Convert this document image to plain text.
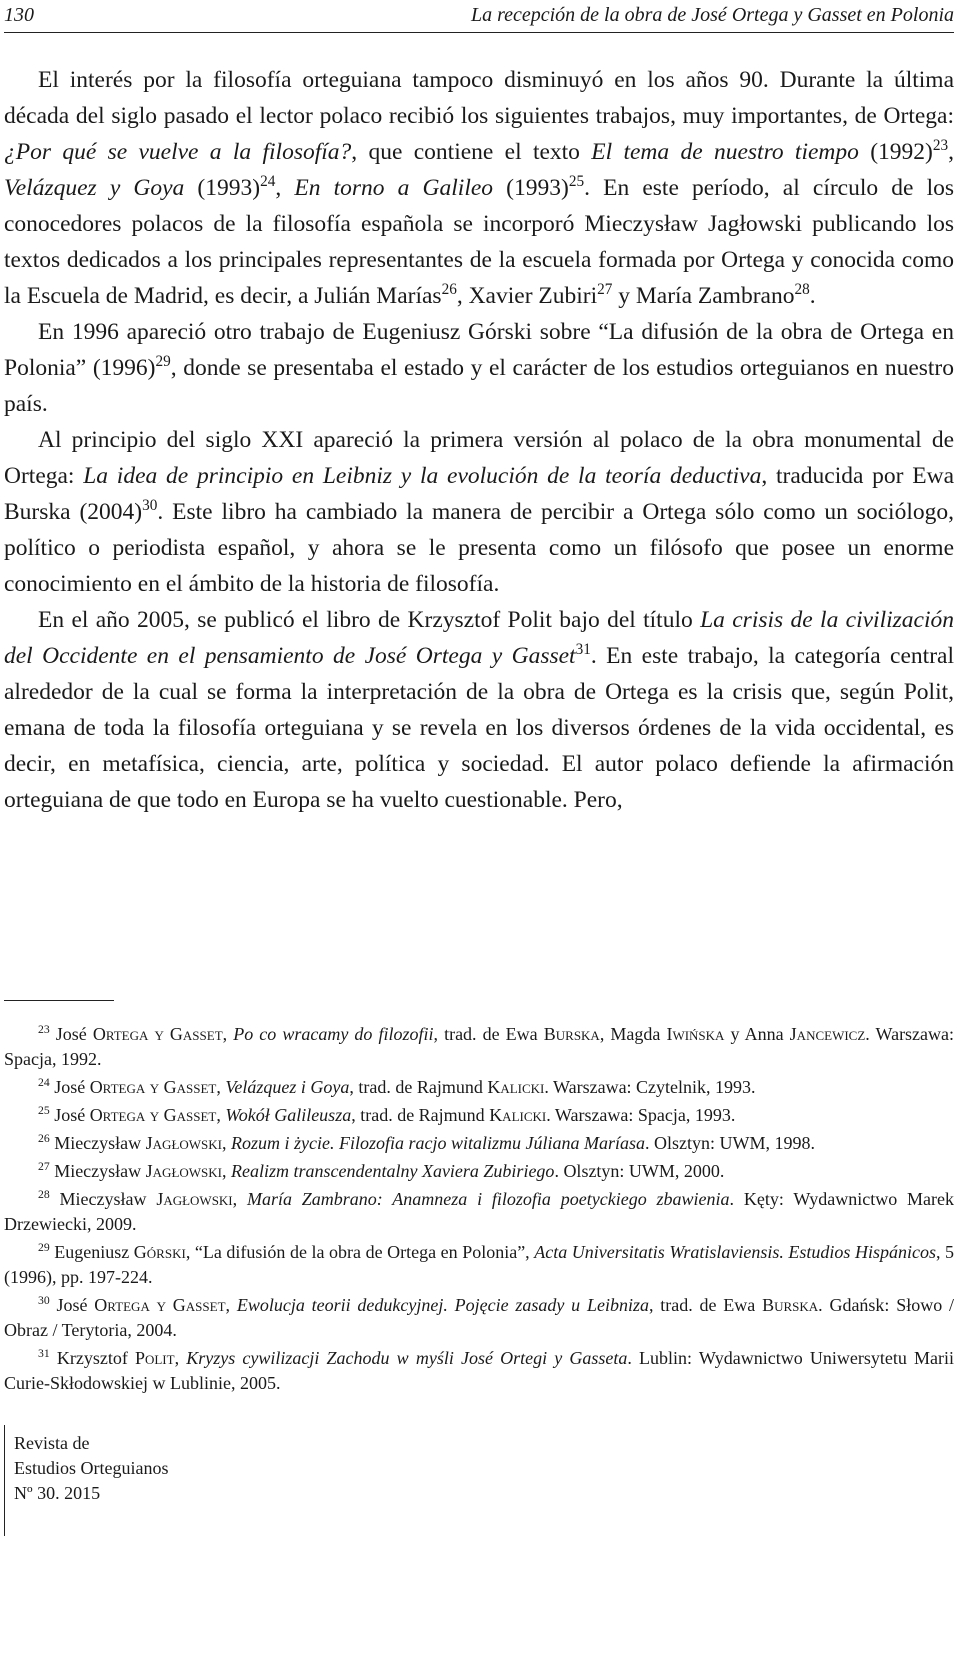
130	La recepción de la obra de José Ortega y Gasset en Polonia

El interés por la filosofía orteguiana tampoco disminuyó en los años 90. Durante la última década del siglo pasado el lector polaco recibió los siguientes trabajos, muy importantes, de Ortega: ¿Por qué se vuelve a la filosofía?, que contiene el texto El tema de nuestro tiempo $(1992)^{23}$, Velázquez y Goya $(1993)^{24}$, En torno a Galileo $(1993)^{25}$. En este período, al círculo de los conocedores polacos de la filosofía española se incorporó Mieczysław Jagłowski publicando los textos dedicados a los principales representantes de la escuela formada por Ortega y conocida como la Escuela de Madrid, es decir, a Julián Marías$^{26}$, Xavier Zubiri$^{27}$ y María Zambrano$^{28}$.

En 1996 apareció otro trabajo de Eugeniusz Górski sobre “La difusión de la obra de Ortega en Polonia” $(1996)^{29}$, donde se presentaba el estado y el carácter de los estudios orteguianos en nuestro país.

Al principio del siglo XXI apareció la primera versión al polaco de la obra monumental de Ortega: La idea de principio en Leibniz y la evolución de la teoría deductiva, traducida por Ewa Burska $(2004)^{30}$. Este libro ha cambiado la manera de percibir a Ortega sólo como un sociólogo, político o periodista español, y ahora se le presenta como un filósofo que posee un enorme conocimiento en el ámbito de la historia de filosofía.

En el año 2005, se publicó el libro de Krzysztof Polit bajo del título La crisis de la civilización del Occidente en el pensamiento de José Ortega y Gasset$^{31}$. En este trabajo, la categoría central alrededor de la cual se forma la interpretación de la obra de Ortega es la crisis que, según Polit, emana de toda la filosofía orteguiana y se revela en los diversos órdenes de la vida occidental, es decir, en metafísica, ciencia, arte, política y sociedad. El autor polaco defiende la afirmación orteguiana de que todo en Europa se ha vuelto cuestionable. Pero,

$^{23}$ José Ortega y Gasset, Po co wracamy do filozofii, trad. de Ewa Burska, Magda Iwińska y Anna Jancewicz. Warszawa: Spacja, 1992.

$^{24}$ José Ortega y Gasset, Velázquez i Goya, trad. de Rajmund Kalicki. Warszawa: Czytelnik, 1993.

$^{25}$ José Ortega y Gasset, Wokół Galileusza, trad. de Rajmund Kalicki. Warszawa: Spacja, 1993.

$^{26}$ Mieczysław Jagłowski, Rozum i życie. Filozofia racjo witalizmu Júliana Maríasa. Olsztyn: UWM, 1998.

$^{27}$ Mieczysław Jagłowski, Realizm transcendentalny Xaviera Zubiriego. Olsztyn: UWM, 2000.

$^{28}$ Mieczysław Jagłowski, María Zambrano: Anamneza i filozofia poetyckiego zbawienia. Kęty: Wydawnictwo Marek Drzewiecki, 2009.

$^{29}$ Eugeniusz Górski, “La difusión de la obra de Ortega en Polonia”, Acta Universitatis Wratislaviensis. Estudios Hispánicos, 5 (1996), pp. 197-224.

$^{30}$ José Ortega y Gasset, Ewolucja teorii dedukcyjnej. Pojęcie zasady u Leibniza, trad. de Ewa Burska. Gdańsk: Słowo / Obraz / Terytoria, 2004.

$^{31}$ Krzysztof Polit, Kryzys cywilizacji Zachodu w myśli José Ortegi y Gasseta. Lublin: Wydawnictwo Uniwersytetu Marii Curie-Skłodowskiej w Lublinie, 2005.

Revista de
Estudios Orteguianos
Nº 30. 2015
